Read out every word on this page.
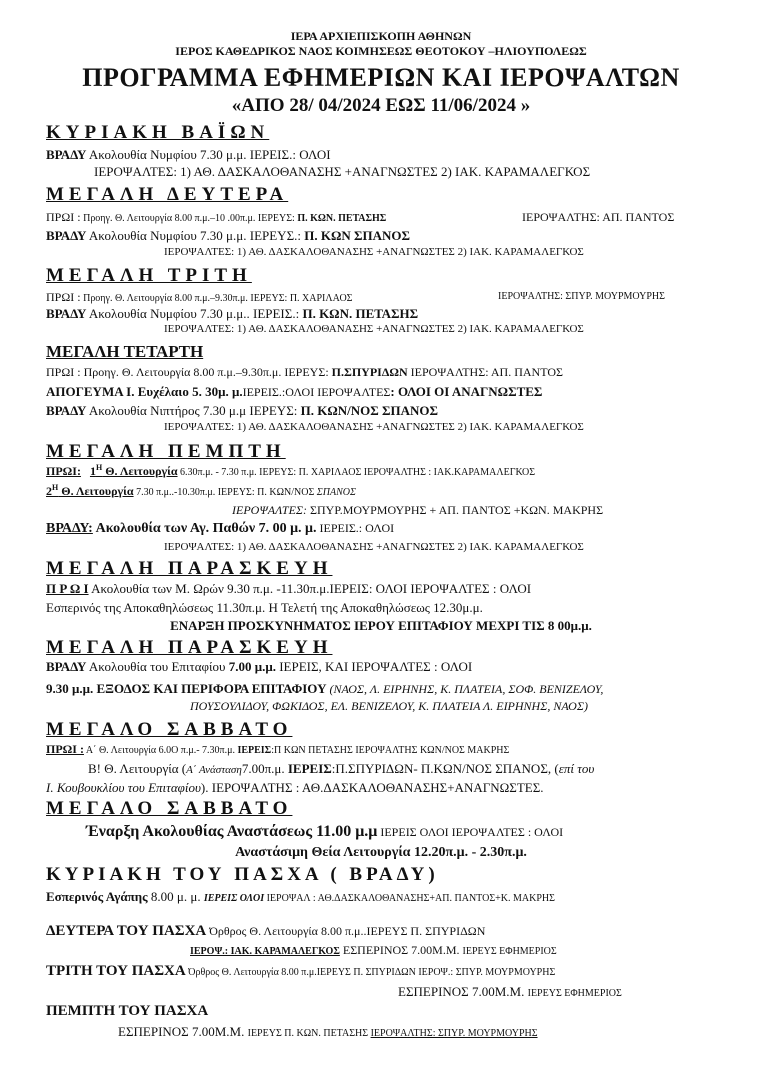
ΙΕΡΑ ΑΡΧΙΕΠΙΣΚΟΠΗ ΑΘΗΝΩΝ
ΙΕΡΟΣ ΚΑΘΕΔΡΙΚΟΣ ΝΑΟΣ ΚΟΙΜΗΣΕΩΣ ΘΕΟΤΟΚΟΥ –ΗΛΙΟΥΠΟΛΕΩΣ
ΠΡΟΓΡΑΜΜΑ ΕΦΗΜΕΡΙΩΝ ΚΑΙ ΙΕΡΟΨΑΛΤΩΝ
«ΑΠΟ 28/ 04/2024 ΕΩΣ 11/06/2024 »
ΚΥΡΙΑΚΗ ΒΑΪΩΝ
ΒΡΑΔΥ Ακολουθία Νυμφίου 7.30 μ.μ. ΙΕΡΕΙΣ.: ΟΛΟΙ
ΙΕΡΟΨΑΛΤΕΣ: 1) ΑΘ. ΔΑΣΚΑΛΟΘΑΝΑΣΗΣ +ΑΝΑΓΝΩΣΤΕΣ 2) ΙΑΚ. ΚΑΡΑΜΑΛΕΓΚΟΣ
ΜΕΓΑΛΗ ΔΕΥΤΕΡΑ
ΠΡΩΙ : Προηγ. Θ. Λειτουργία 8.00 π.μ.–10 .00π.μ. ΙΕΡΕΥΣ: Π. ΚΩΝ. ΠΕΤΑΣΗΣ	ΙΕΡΟΨΑΛΤΗΣ: ΑΠ. ΠΑΝΤΟΣ
ΒΡΑΔΥ Ακολουθία Νυμφίου 7.30 μ.μ. ΙΕΡΕΥΣ.: Π. ΚΩΝ ΣΠΑΝΟΣ
ΙΕΡΟΨΑΛΤΕΣ: 1) ΑΘ. ΔΑΣΚΑΛΟΘΑΝΑΣΗΣ +ΑΝΑΓΝΩΣΤΕΣ 2) ΙΑΚ. ΚΑΡΑΜΑΛΕΓΚΟΣ
ΜΕΓΑΛΗ ΤΡΙΤΗ
ΠΡΩΙ : Προηγ. Θ. Λειτουργία 8.00 π.μ.–9.30π.μ. ΙΕΡΕΥΣ: Π. ΧΑΡΙΛΑΟΣ	ΙΕΡΟΨΑΛΤΗΣ: ΣΠΥΡ. ΜΟΥΡΜΟΥΡΗΣ
ΒΡΑΔΥ Ακολουθία Νυμφίου 7.30 μ.μ.. ΙΕΡΕΙΣ.: Π. ΚΩΝ. ΠΕΤΑΣΗΣ
ΙΕΡΟΨΑΛΤΕΣ: 1) ΑΘ. ΔΑΣΚΑΛΟΘΑΝΑΣΗΣ +ΑΝΑΓΝΩΣΤΕΣ 2) ΙΑΚ. ΚΑΡΑΜΑΛΕΓΚΟΣ
ΜΕΓΑΛΗ ΤΕΤΑΡΤΗ
ΠΡΩΙ : Προηγ. Θ. Λειτουργία 8.00 π.μ.–9.30π.μ. ΙΕΡΕΥΣ: Π.ΣΠΥΡΙΔΩΝ ΙΕΡΟΨΑΛΤΗΣ: ΑΠ. ΠΑΝΤΟΣ
ΑΠΟΓΕΥΜΑ Ι. Ευχέλαιο 5. 30μ. μ.ΙΕΡΕΙΣ.:ΟΛΟΙ ΙΕΡΟΨΑΛΤΕΣ: ΟΛΟΙ ΟΙ ΑΝΑΓΝΩΣΤΕΣ
ΒΡΑΔΥ Ακολουθία Νιπτήρος 7.30 μ.μ ΙΕΡΕΥΣ: Π. ΚΩΝ/ΝΟΣ ΣΠΑΝΟΣ
ΙΕΡΟΨΑΛΤΕΣ: 1) ΑΘ. ΔΑΣΚΑΛΟΘΑΝΑΣΗΣ +ΑΝΑΓΝΩΣΤΕΣ 2) ΙΑΚ. ΚΑΡΑΜΑΛΕΓΚΟΣ
ΜΕΓΑΛΗ ΠΕΜΠΤΗ
ΠΡΩΙ: $1^H$ Θ. Λειτουργία 6.30π.μ. - 7.30 π.μ. ΙΕΡΕΥΣ: Π. ΧΑΡΙΛΑΟΣ ΙΕΡΟΨΑΛΤΗΣ : ΙΑΚ.ΚΑΡΑΜΑΛΕΓΚΟΣ
$2^H$ Θ. Λειτουργία 7.30 π.μ..-10.30π.μ. ΙΕΡΕΥΣ: Π. ΚΩΝ/ΝΟΣ ΣΠΑΝΟΣ
ΙΕΡΟΨΑΛΤΕΣ: ΣΠΥΡ.ΜΟΥΡΜΟΥΡΗΣ + ΑΠ. ΠΑΝΤΟΣ +ΚΩΝ. ΜΑΚΡΗΣ
ΒΡΑΔΥ: Ακολουθία των Αγ. Παθών 7. 00 μ. μ. ΙΕΡΕΙΣ.: ΟΛΟΙ
ΙΕΡΟΨΑΛΤΕΣ: 1) ΑΘ. ΔΑΣΚΑΛΟΘΑΝΑΣΗΣ +ΑΝΑΓΝΩΣΤΕΣ 2) ΙΑΚ. ΚΑΡΑΜΑΛΕΓΚΟΣ
ΜΕΓΑΛΗ ΠΑΡΑΣΚΕΥΗ
Π Ρ Ω Ι Ακολουθία των Μ. Ωρών 9.30 π.μ. -11.30π.μ.ΙΕΡΕΙΣ: ΟΛΟΙ ΙΕΡΟΨΑΛΤΕΣ : ΟΛΟΙ
Εσπερινός της Αποκαθηλώσεως 11.30π.μ. Η Τελετή της Αποκαθηλώσεως 12.30μ.μ.
ΕΝΑΡΞΗ ΠΡΟΣΚΥΝΗΜΑΤΟΣ ΙΕΡΟΥ ΕΠΙΤΑΦΙΟΥ ΜΕΧΡΙ ΤΙΣ 8 00μ.μ.
ΜΕΓΑΛΗ ΠΑΡΑΣΚΕΥΗ
ΒΡΑΔΥ Ακολουθία του Επιταφίου 7.00 μ.μ. ΙΕΡΕΙΣ, ΚΑΙ ΙΕΡΟΨΑΛΤΕΣ : ΟΛΟΙ
9.30 μ.μ. ΕΞΟΔΟΣ ΚΑΙ ΠΕΡΙΦΟΡΑ ΕΠΙΤΑΦΙΟΥ (ΝΑΟΣ, Λ. ΕΙΡΗΝΗΣ, Κ. ΠΛΑΤΕΙΑ, ΣΟΦ. ΒΕΝΙΖΕΛΟΥ,
ΠΟΥΣΟΥΛΙΔΟΥ, ΦΩΚΙΔΟΣ, ΕΛ. ΒΕΝΙΖΕΛΟΥ, Κ. ΠΛΑΤΕΙΑ Λ. ΕΙΡΗΝΗΣ, ΝΑΟΣ)
ΜΕΓΑΛΟ ΣΑΒΒΑΤΟ
ΠΡΩΙ : Α΄ Θ. Λειτουργία 6.0Ο π.μ.- 7.30π.μ. ΙΕΡΕΙΣ:Π ΚΩΝ ΠΕΤΑΣΗΣ ΙΕΡΟΨΑΛΤΗΣ ΚΩΝ/ΝΟΣ ΜΑΚΡΗΣ
Β! Θ. Λειτουργία (Α΄ Ανάσταση7.00π.μ. ΙΕΡΕΙΣ:Π.ΣΠΥΡΙΔΩΝ- Π.ΚΩΝ/ΝΟΣ ΣΠΑΝΟΣ, (επί του
Ι. Κουβουκλίου του Επιταφίου). ΙΕΡΟΨΑΛΤΗΣ : ΑΘ.ΔΑΣΚΑΛΟΘΑΝΑΣΗΣ+ΑΝΑΓΝΩΣΤΕΣ.
ΜΕΓΑΛΟ ΣΑΒΒΑΤΟ
Έναρξη Ακολουθίας Αναστάσεως 11.00 μ.μ ΙΕΡΕΙΣ ΟΛΟΙ ΙΕΡΟΨΑΛΤΕΣ : ΟΛΟΙ
Αναστάσιμη Θεία Λειτουργία 12.20π.μ. - 2.30π.μ.
ΚΥΡΙΑΚΗ ΤΟΥ ΠΑΣΧΑ ( ΒΡΑΔΥ)
Εσπερινός Αγάπης 8.00 μ. μ. ΙΕΡΕΙΣ ΟΛΟΙ ΙΕΡΟΨΑΛ : ΑΘ.ΔΑΣΚΑΛΟΘΑΝΑΣΗΣ+ΑΠ. ΠΑΝΤΟΣ+Κ. ΜΑΚΡΗΣ
ΔΕΥΤΕΡΑ ΤΟΥ ΠΑΣΧΑ Όρθρος Θ. Λειτουργία 8.00 π.μ..ΙΕΡΕΥΣ Π. ΣΠΥΡΙΔΩΝ
ΙΕΡΟΨ.: ΙΑΚ. ΚΑΡΑΜΑΛΕΓΚΟΣ ΕΣΠΕΡΙΝΟΣ 7.00Μ.Μ. ΙΕΡΕΥΣ ΕΦΗΜΕΡΙΟΣ
ΤΡΙΤΗ ΤΟΥ ΠΑΣΧΑ Όρθρος Θ. Λειτουργία 8.00 π.μ.ΙΕΡΕΥΣ Π. ΣΠΥΡΙΔΩΝ ΙΕΡΟΨ.: ΣΠΥΡ. ΜΟΥΡΜΟΥΡΗΣ
ΕΣΠΕΡΙΝΟΣ 7.00Μ.Μ. ΙΕΡΕΥΣ ΕΦΗΜΕΡΙΟΣ
ΠΕΜΠΤΗ ΤΟΥ ΠΑΣΧΑ
ΕΣΠΕΡΙΝΟΣ 7.00Μ.Μ. ΙΕΡΕΥΣ Π. ΚΩΝ. ΠΕΤΑΣΗΣ ΙΕΡΟΨΑΛΤΗΣ: ΣΠΥΡ. ΜΟΥΡΜΟΥΡΗΣ
